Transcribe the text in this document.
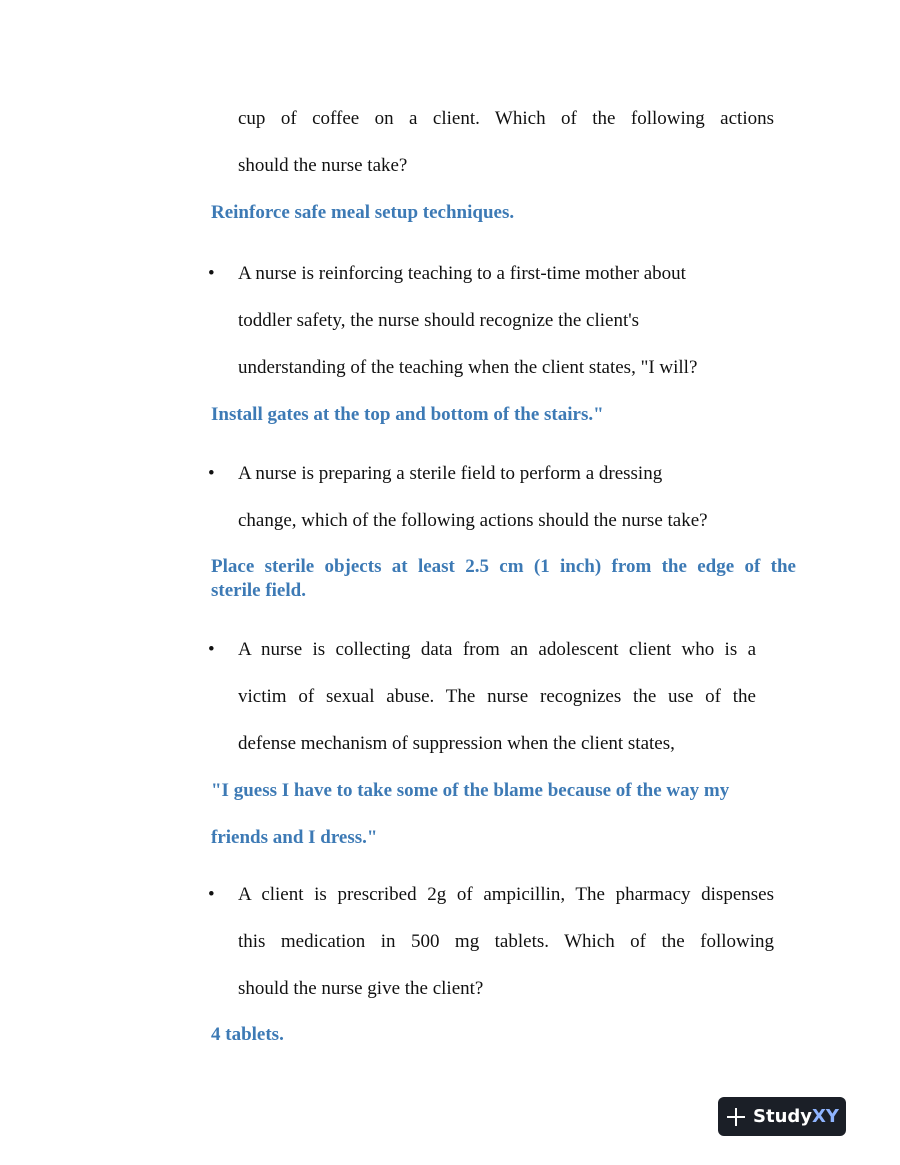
cup of coffee on a client. Which of the following actions
should the nurse take?
Reinforce safe meal setup techniques.
• A nurse is reinforcing teaching to a first-time mother about
toddler safety, the nurse should recognize the client's
understanding of the teaching when the client states, "I will?
Install gates at the top and bottom of the stairs."
• A nurse is preparing a sterile field to perform a dressing
change, which of the following actions should the nurse take?
Place sterile objects at least 2.5 cm (1 inch) from the edge of the
sterile field.
• A nurse is collecting data from an adolescent client who is a
victim of sexual abuse. The nurse recognizes the use of the
defense mechanism of suppression when the client states,
"I guess I have to take some of the blame because of the way my
friends and I dress."
• A client is prescribed 2g of ampicillin, The pharmacy dispenses
this medication in 500 mg tablets. Which of the following
should the nurse give the client?
4 tablets.
StudyXY
